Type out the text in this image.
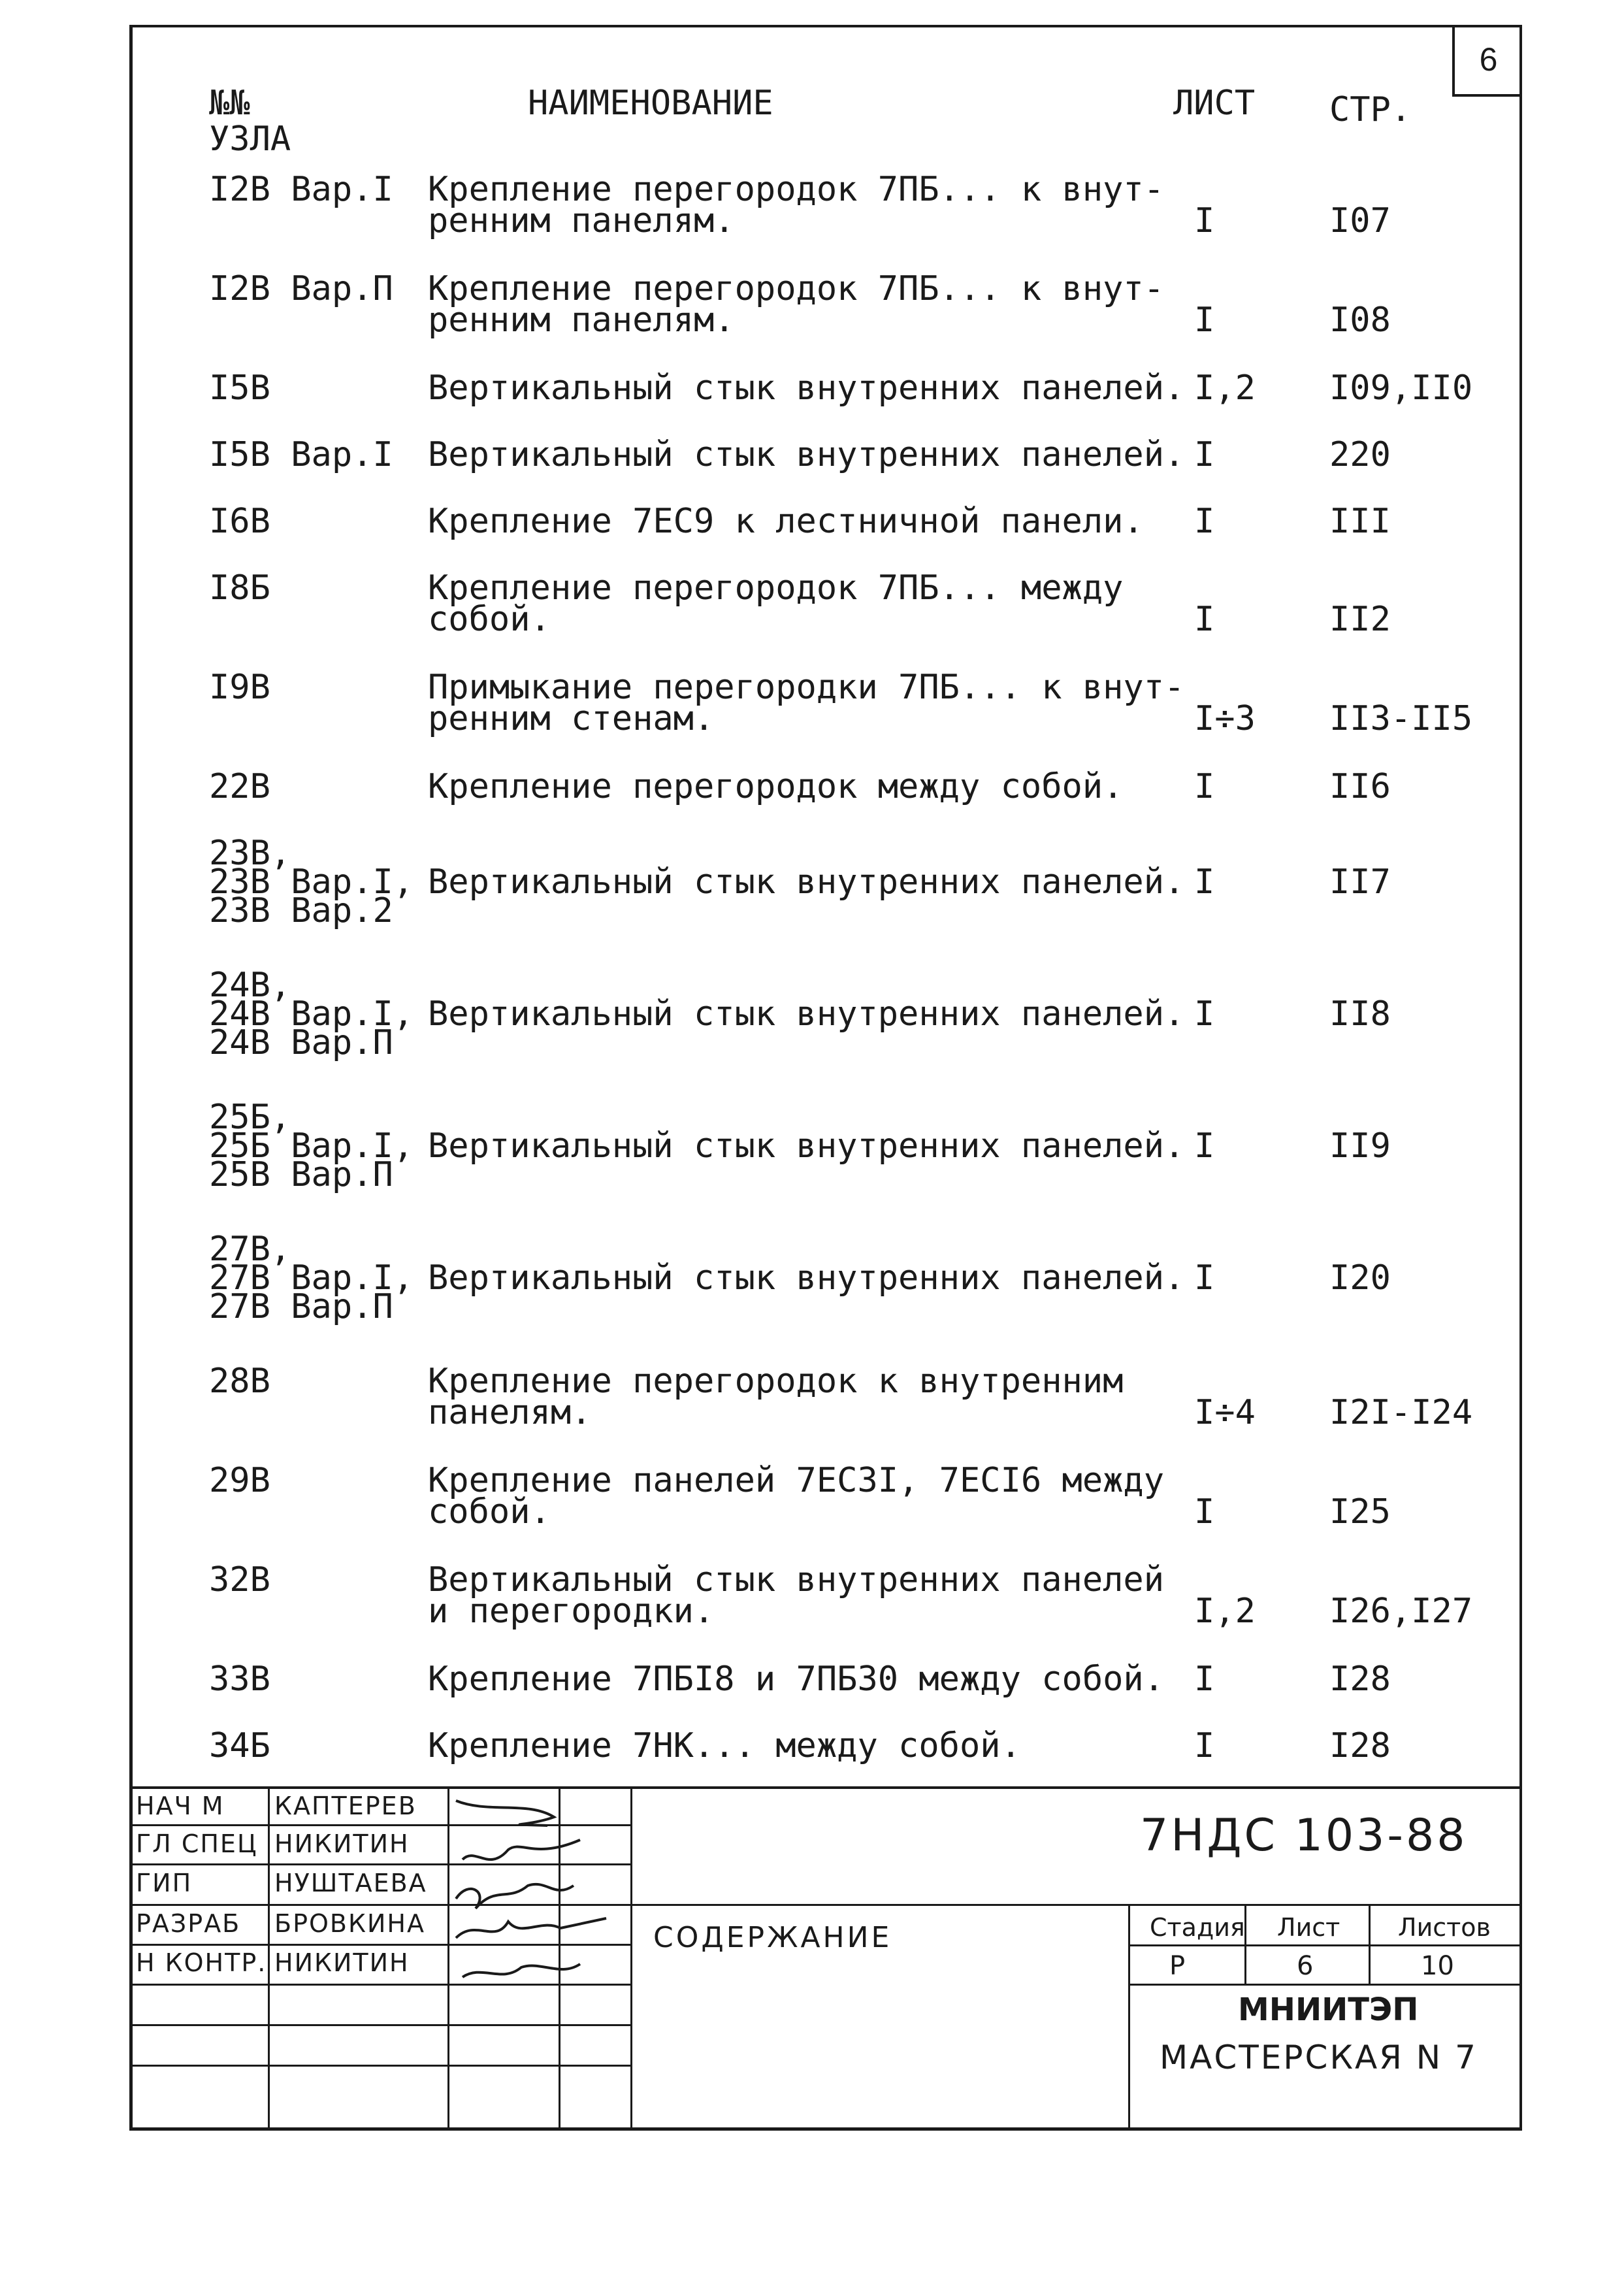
6
№№
УЗЛА
НАИМЕНОВАНИЕ	ЛИСТ СТР.
I2B Вар.I Крепление перегородок 7ПБ... к внут-
ренним панелям.	I	I07
I2B Вар.П Крепление перегородок 7ПБ... к внут-
ренним панелям.	I	I08
I5B	Вертикальный стык внутренних панелей. I,2 I09,II0
I5B Вар.I Вертикальный стык внутренних панелей. I	220
I6B	Крепление 7ЕС9 к лестничной панели. I	III
I8Б	Крепление перегородок 7ПБ... между
собой.	I	II2
I9B	Примыкание перегородки 7ПБ... к внут-
ренним стенам.	I÷3 II3-II5
22B	Крепление перегородок между собой. I	II6
23B,
23B Вар.I,
23B Вар.2
Вертикальный стык внутренних панелей. I	II7
24B,
24B Вар.I,
24B Вар.П
Вертикальный стык внутренних панелей. I	II8
25Б,
25Б Вар.I,
25B Вар.П
Вертикальный стык внутренних панелей. I	II9
27B,
27B Вар.I,
27B Вар.П
Вертикальный стык внутренних панелей. I	I20
28B	Крепление перегородок к внутренним
панелям.	I÷4 I2I-I24
29B	Крепление панелей 7ЕС3I, 7ЕСI6 между
собой.	I	I25
32B	Вертикальный стык внутренних панелей
и перегородки.	I,2 I26,I27
33B	Крепление 7ПБI8 и 7ПБ30 между собой. I	I28
34Б	Крепление 7НК... между собой.	I	I28
НАЧ М КАПТЕРЕВ
ГЛ СПЕЦ НИКИТИН
ГИП	НУШТАЕВА
РАЗРАБ БРОВКИНА
Н КОНТР. НИКИТИН
7НДС 103-88
СОДЕРЖАНИЕ	Стадия Лист Листов
Р	6	10
МНИИТЭП
МАСТЕРСКАЯ N 7
